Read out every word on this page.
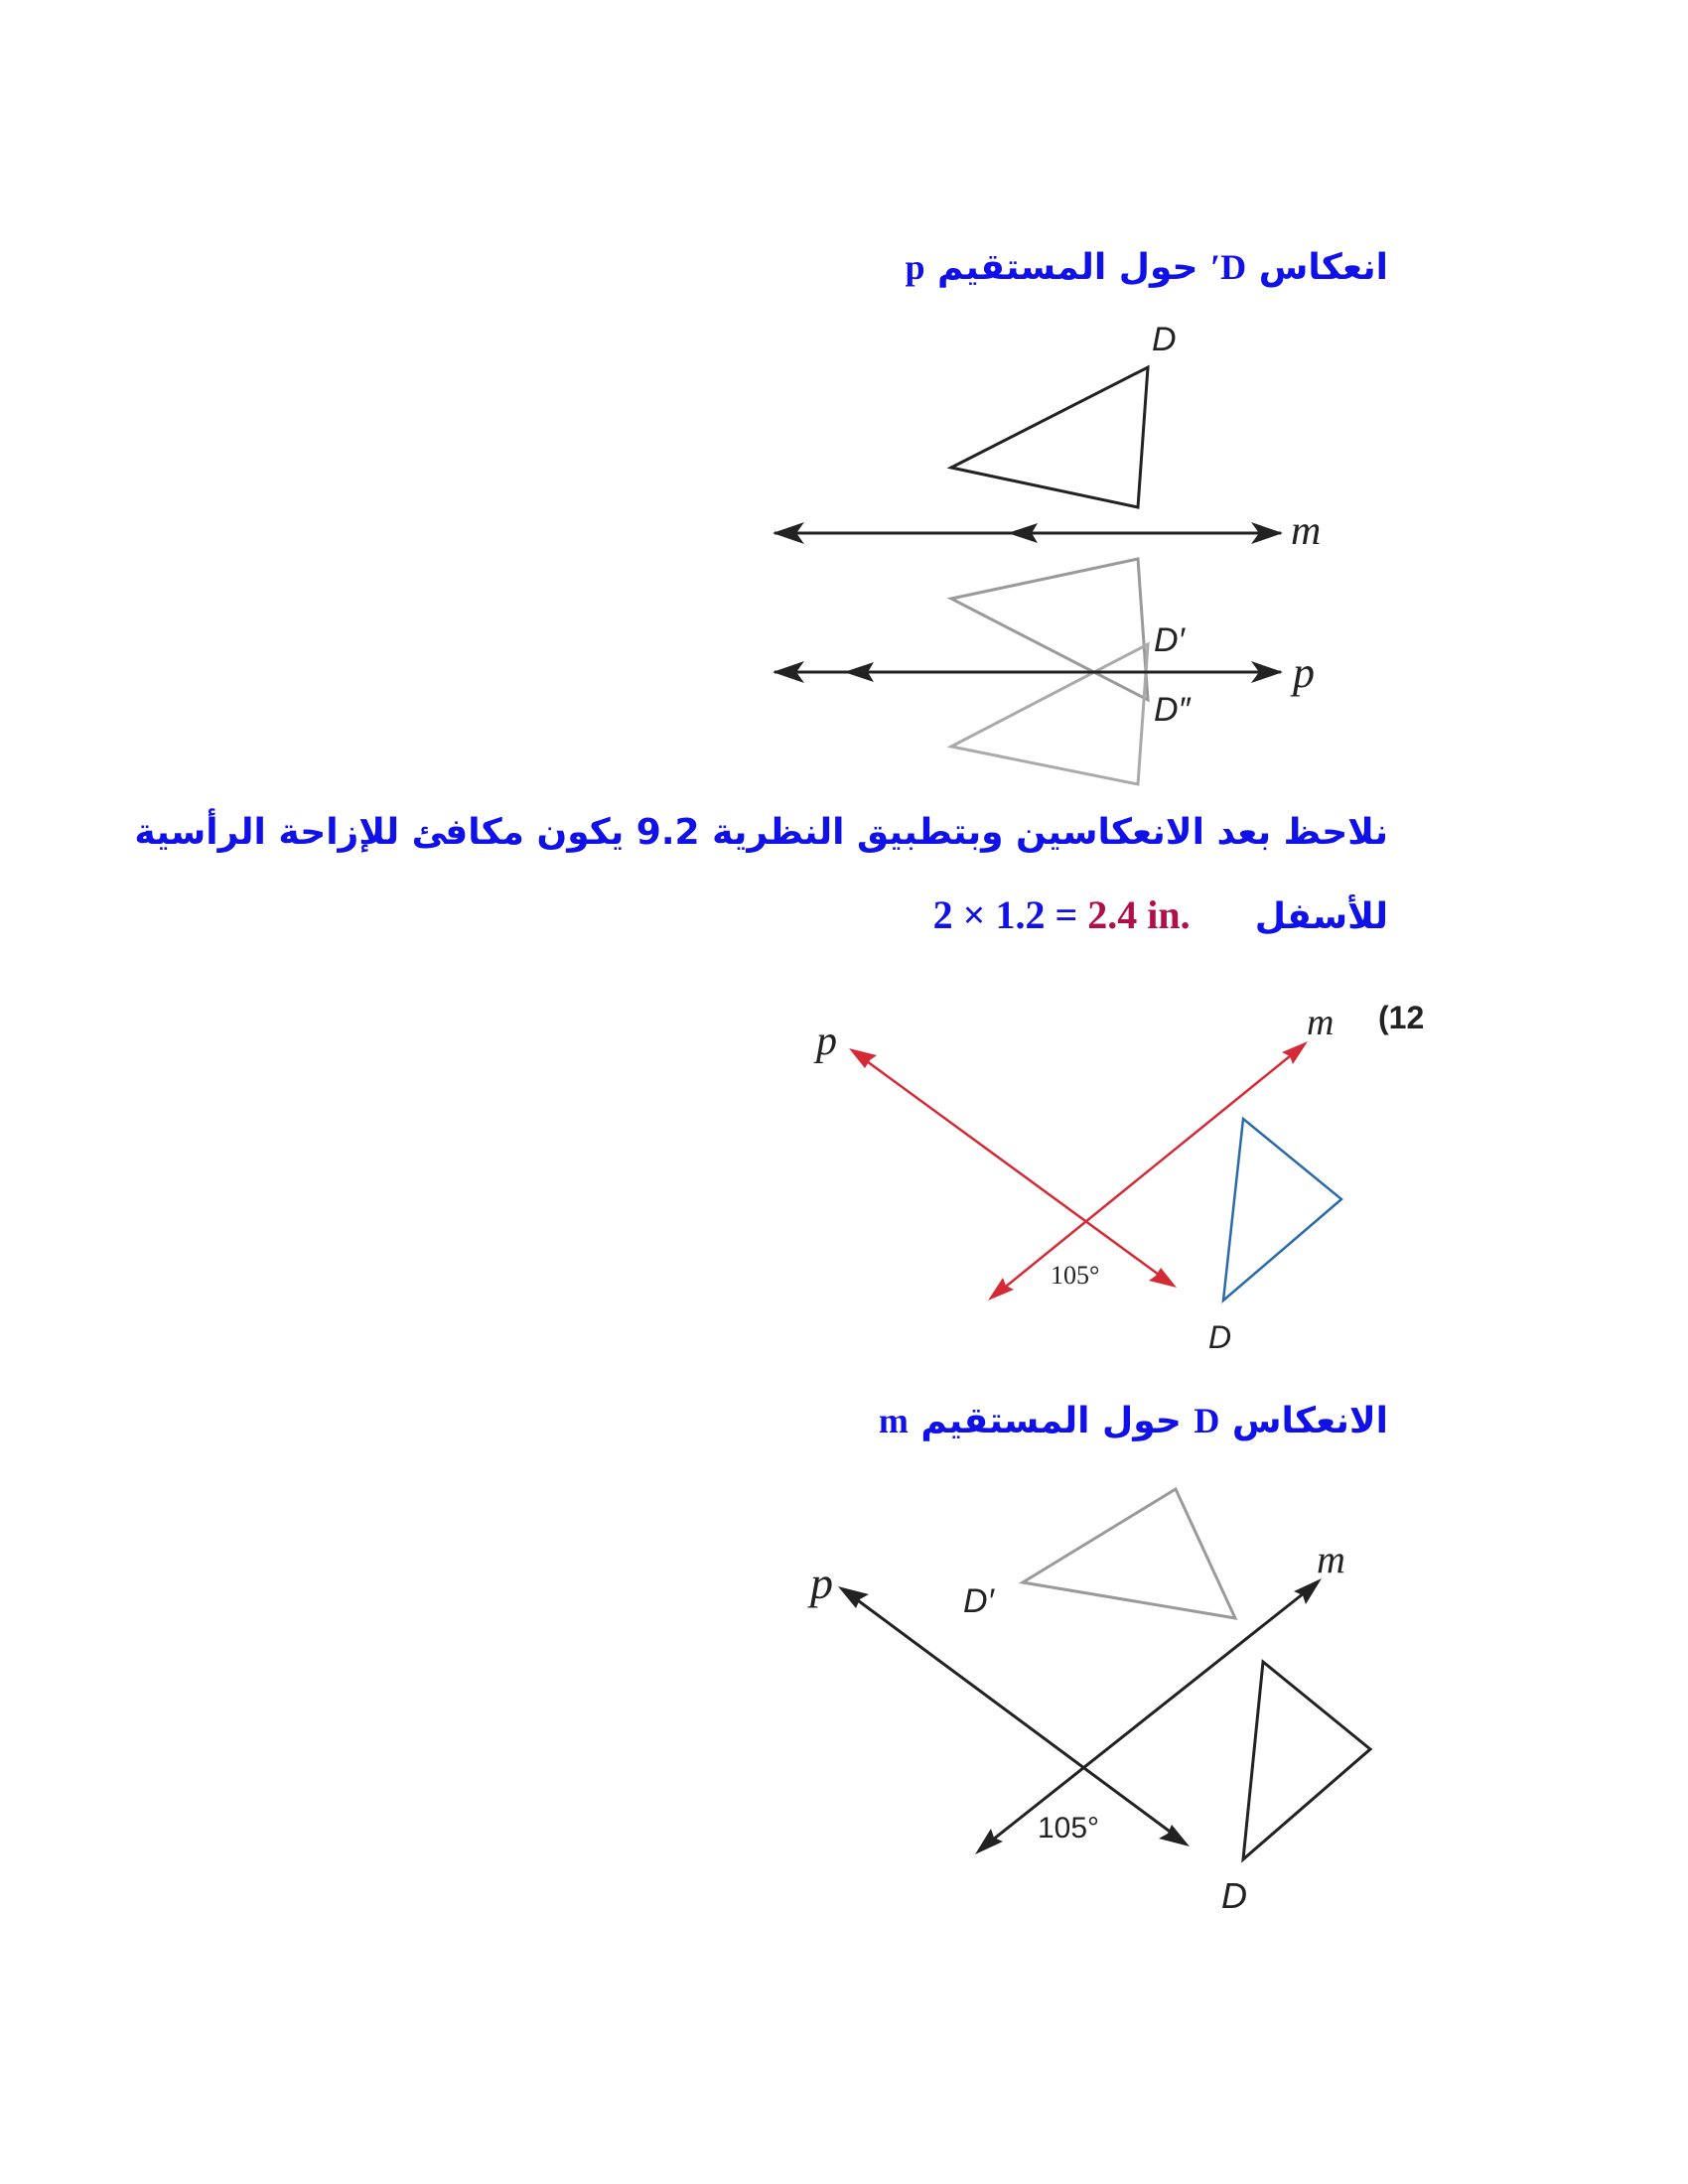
انعكاس D′ حول المستقيم p
D
D′
D″
m
p
نلاحظ بعد الانعكاسين وبتطبيق النظرية 9.2 يكون مكافئ للإزاحة الرأسية
للأسفل  2 × 1.2 = 2.4 in.
(12
p	m
105°
D
الانعكاس D حول المستقيم m
p	m
D′
105°
D
